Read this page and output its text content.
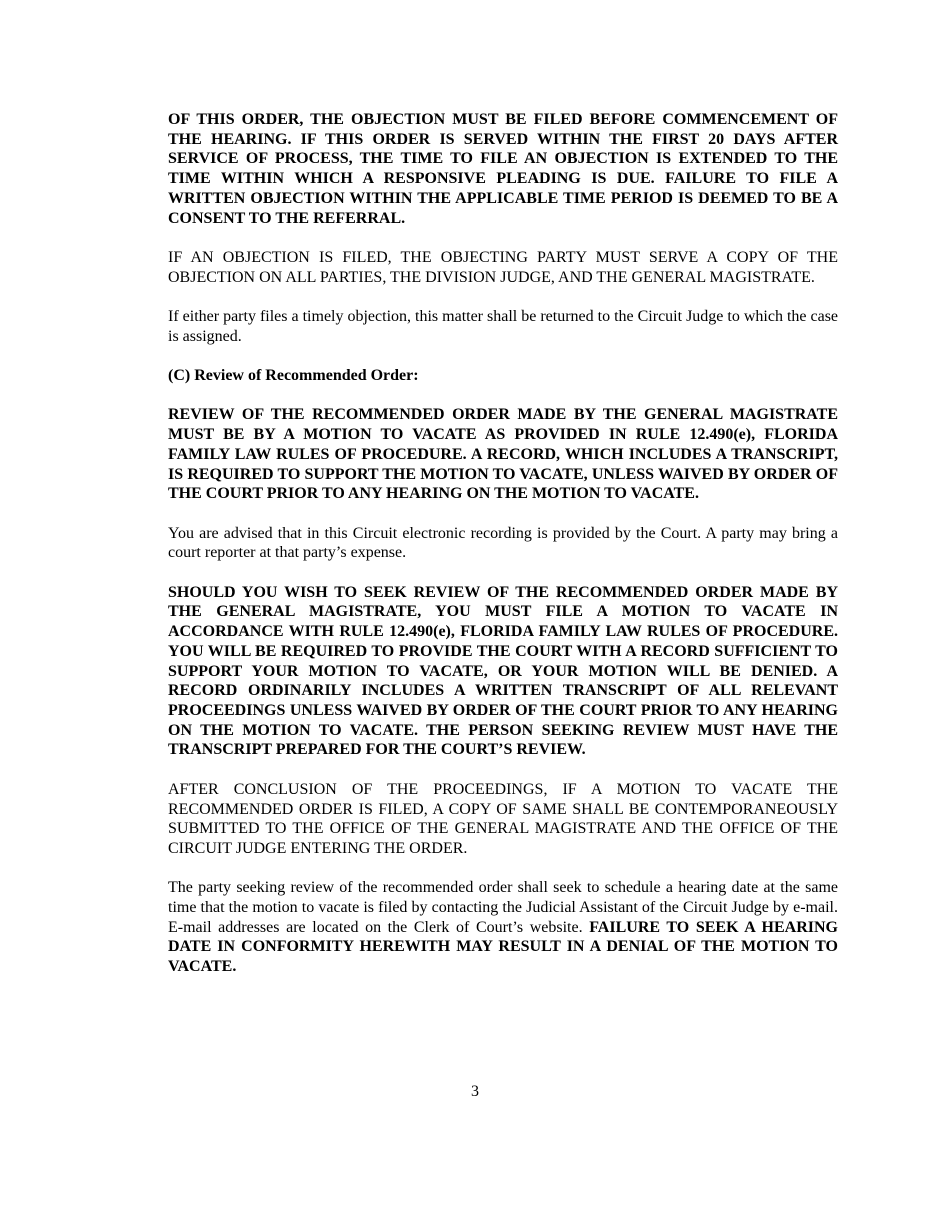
OF THIS ORDER, THE OBJECTION MUST BE FILED BEFORE COMMENCEMENT OF THE HEARING. IF THIS ORDER IS SERVED WITHIN THE FIRST 20 DAYS AFTER SERVICE OF PROCESS, THE TIME TO FILE AN OBJECTION IS EXTENDED TO THE TIME WITHIN WHICH A RESPONSIVE PLEADING IS DUE. FAILURE TO FILE A WRITTEN OBJECTION WITHIN THE APPLICABLE TIME PERIOD IS DEEMED TO BE A CONSENT TO THE REFERRAL.

IF AN OBJECTION IS FILED, THE OBJECTING PARTY MUST SERVE A COPY OF THE OBJECTION ON ALL PARTIES, THE DIVISION JUDGE, AND THE GENERAL MAGISTRATE.

If either party files a timely objection, this matter shall be returned to the Circuit Judge to which the case is assigned.

(C) Review of Recommended Order:

REVIEW OF THE RECOMMENDED ORDER MADE BY THE GENERAL MAGISTRATE MUST BE BY A MOTION TO VACATE AS PROVIDED IN RULE 12.490(e), FLORIDA FAMILY LAW RULES OF PROCEDURE. A RECORD, WHICH INCLUDES A TRANSCRIPT, IS REQUIRED TO SUPPORT THE MOTION TO VACATE, UNLESS WAIVED BY ORDER OF THE COURT PRIOR TO ANY HEARING ON THE MOTION TO VACATE.

You are advised that in this Circuit electronic recording is provided by the Court. A party may bring a court reporter at that party’s expense.

SHOULD YOU WISH TO SEEK REVIEW OF THE RECOMMENDED ORDER MADE BY THE GENERAL MAGISTRATE, YOU MUST FILE A MOTION TO VACATE IN ACCORDANCE WITH RULE 12.490(e), FLORIDA FAMILY LAW RULES OF PROCEDURE. YOU WILL BE REQUIRED TO PROVIDE THE COURT WITH A RECORD SUFFICIENT TO SUPPORT YOUR MOTION TO VACATE, OR YOUR MOTION WILL BE DENIED. A RECORD ORDINARILY INCLUDES A WRITTEN TRANSCRIPT OF ALL RELEVANT PROCEEDINGS UNLESS WAIVED BY ORDER OF THE COURT PRIOR TO ANY HEARING ON THE MOTION TO VACATE. THE PERSON SEEKING REVIEW MUST HAVE THE TRANSCRIPT PREPARED FOR THE COURT’S REVIEW.

AFTER CONCLUSION OF THE PROCEEDINGS, IF A MOTION TO VACATE THE RECOMMENDED ORDER IS FILED, A COPY OF SAME SHALL BE CONTEMPORANEOUSLY SUBMITTED TO THE OFFICE OF THE GENERAL MAGISTRATE AND THE OFFICE OF THE CIRCUIT JUDGE ENTERING THE ORDER.

The party seeking review of the recommended order shall seek to schedule a hearing date at the same time that the motion to vacate is filed by contacting the Judicial Assistant of the Circuit Judge by e-mail. E-mail addresses are located on the Clerk of Court’s website. FAILURE TO SEEK A HEARING DATE IN CONFORMITY HEREWITH MAY RESULT IN A DENIAL OF THE MOTION TO VACATE.

3
